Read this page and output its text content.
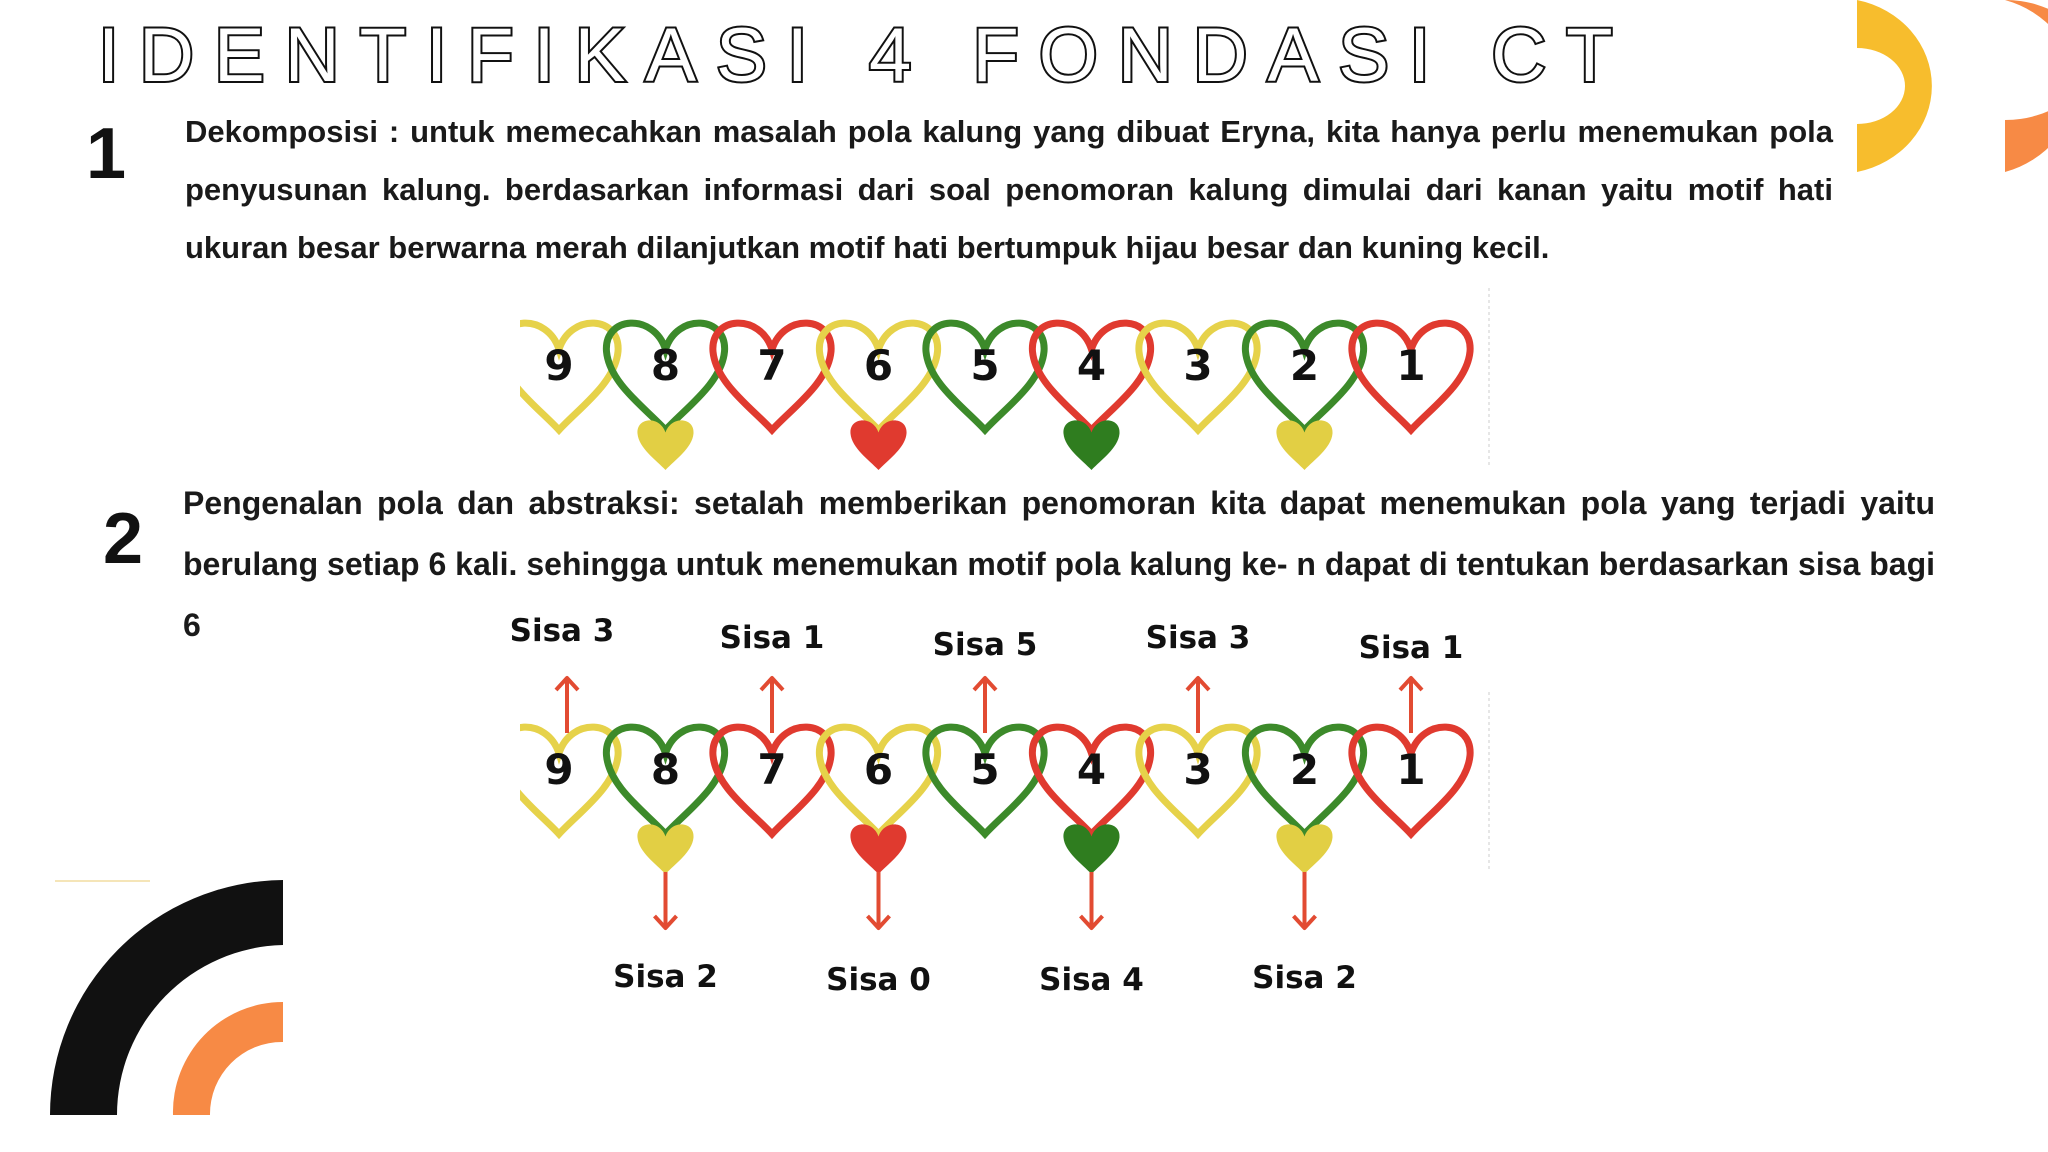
IDENTIFIKASI 4 FONDASI CT
1 Dekomposisi : untuk memecahkan masalah pola kalung yang dibuat Eryna, kita hanya perlu menemukan pola penyusunan kalung. berdasarkan informasi dari soal penomoran kalung dimulai dari kanan yaitu motif hati ukuran besar berwarna merah dilanjutkan motif hati bertumpuk hijau besar dan kuning kecil.
2 Pengenalan pola dan abstraksi: setalah memberikan penomoran kita dapat menemukan pola yang terjadi yaitu berulang setiap 6 kali. sehingga untuk menemukan motif pola kalung ke- n dapat di tentukan berdasarkan sisa bagi 6
9 8 7 6 5 4 3 2 1
9 8 7 6 5 4 3 2 1
Sisa 3	Sisa 1	Sisa 5	Sisa 3	Sisa 1
Sisa 2	Sisa 0	Sisa 4	Sisa 2
